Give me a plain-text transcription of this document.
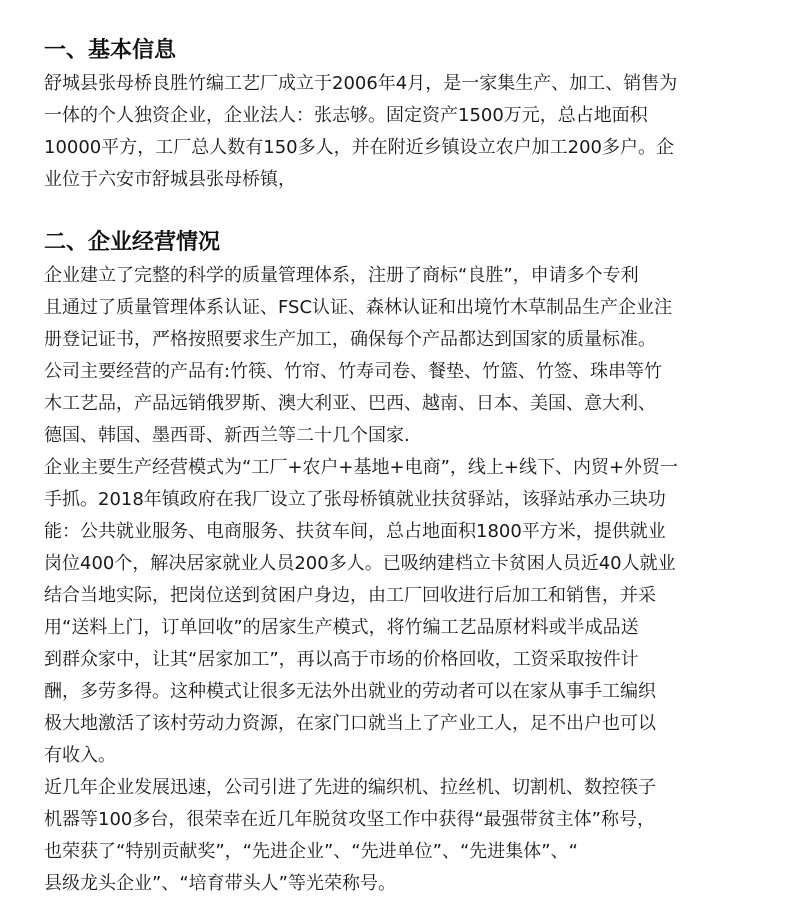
一、基本信息
舒城县张母桥良胜竹编工艺厂成立于2006年4月，是一家集生产、加工、销售为
一体的个人独资企业，企业法人：张志够。固定资产1500万元，总占地面积
10000平方，工厂总人数有150多人，并在附近乡镇设立农户加工200多户。企
业位于六安市舒城县张母桥镇，
二、企业经营情况
企业建立了完整的科学的质量管理体系，注册了商标“良胜”，申请多个专利
且通过了质量管理体系认证、FSC认证、森林认证和出境竹木草制品生产企业注
册登记证书，严格按照要求生产加工，确保每个产品都达到国家的质量标准。
公司主要经营的产品有:竹筷、竹帘、竹寿司卷、餐垫、竹篮、竹签、珠串等竹
木工艺品，产品远销俄罗斯、澳大利亚、巴西、越南、日本、美国、意大利、
德国、韩国、墨西哥、新西兰等二十几个国家.
企业主要生产经营模式为“工厂+农户+基地+电商”，线上+线下、内贸+外贸一
手抓。2018年镇政府在我厂设立了张母桥镇就业扶贫驿站，该驿站承办三块功
能：公共就业服务、电商服务、扶贫车间，总占地面积1800平方米，提供就业
岗位400个，解决居家就业人员200多人。已吸纳建档立卡贫困人员近40人就业
结合当地实际，把岗位送到贫困户身边，由工厂回收进行后加工和销售，并采
用“送料上门，订单回收”的居家生产模式，将竹编工艺品原材料或半成品送
到群众家中，让其“居家加工”，再以高于市场的价格回收，工资采取按件计
酬，多劳多得。这种模式让很多无法外出就业的劳动者可以在家从事手工编织
极大地激活了该村劳动力资源，在家门口就当上了产业工人，足不出户也可以
有收入。
近几年企业发展迅速，公司引进了先进的编织机、拉丝机、切割机、数控筷子
机器等100多台，很荣幸在近几年脱贫攻坚工作中获得“最强带贫主体”称号，
也荣获了“特别贡献奖”，“先进企业”、“先进单位”、“先进集体”、“
县级龙头企业”、“培育带头人”等光荣称号。
